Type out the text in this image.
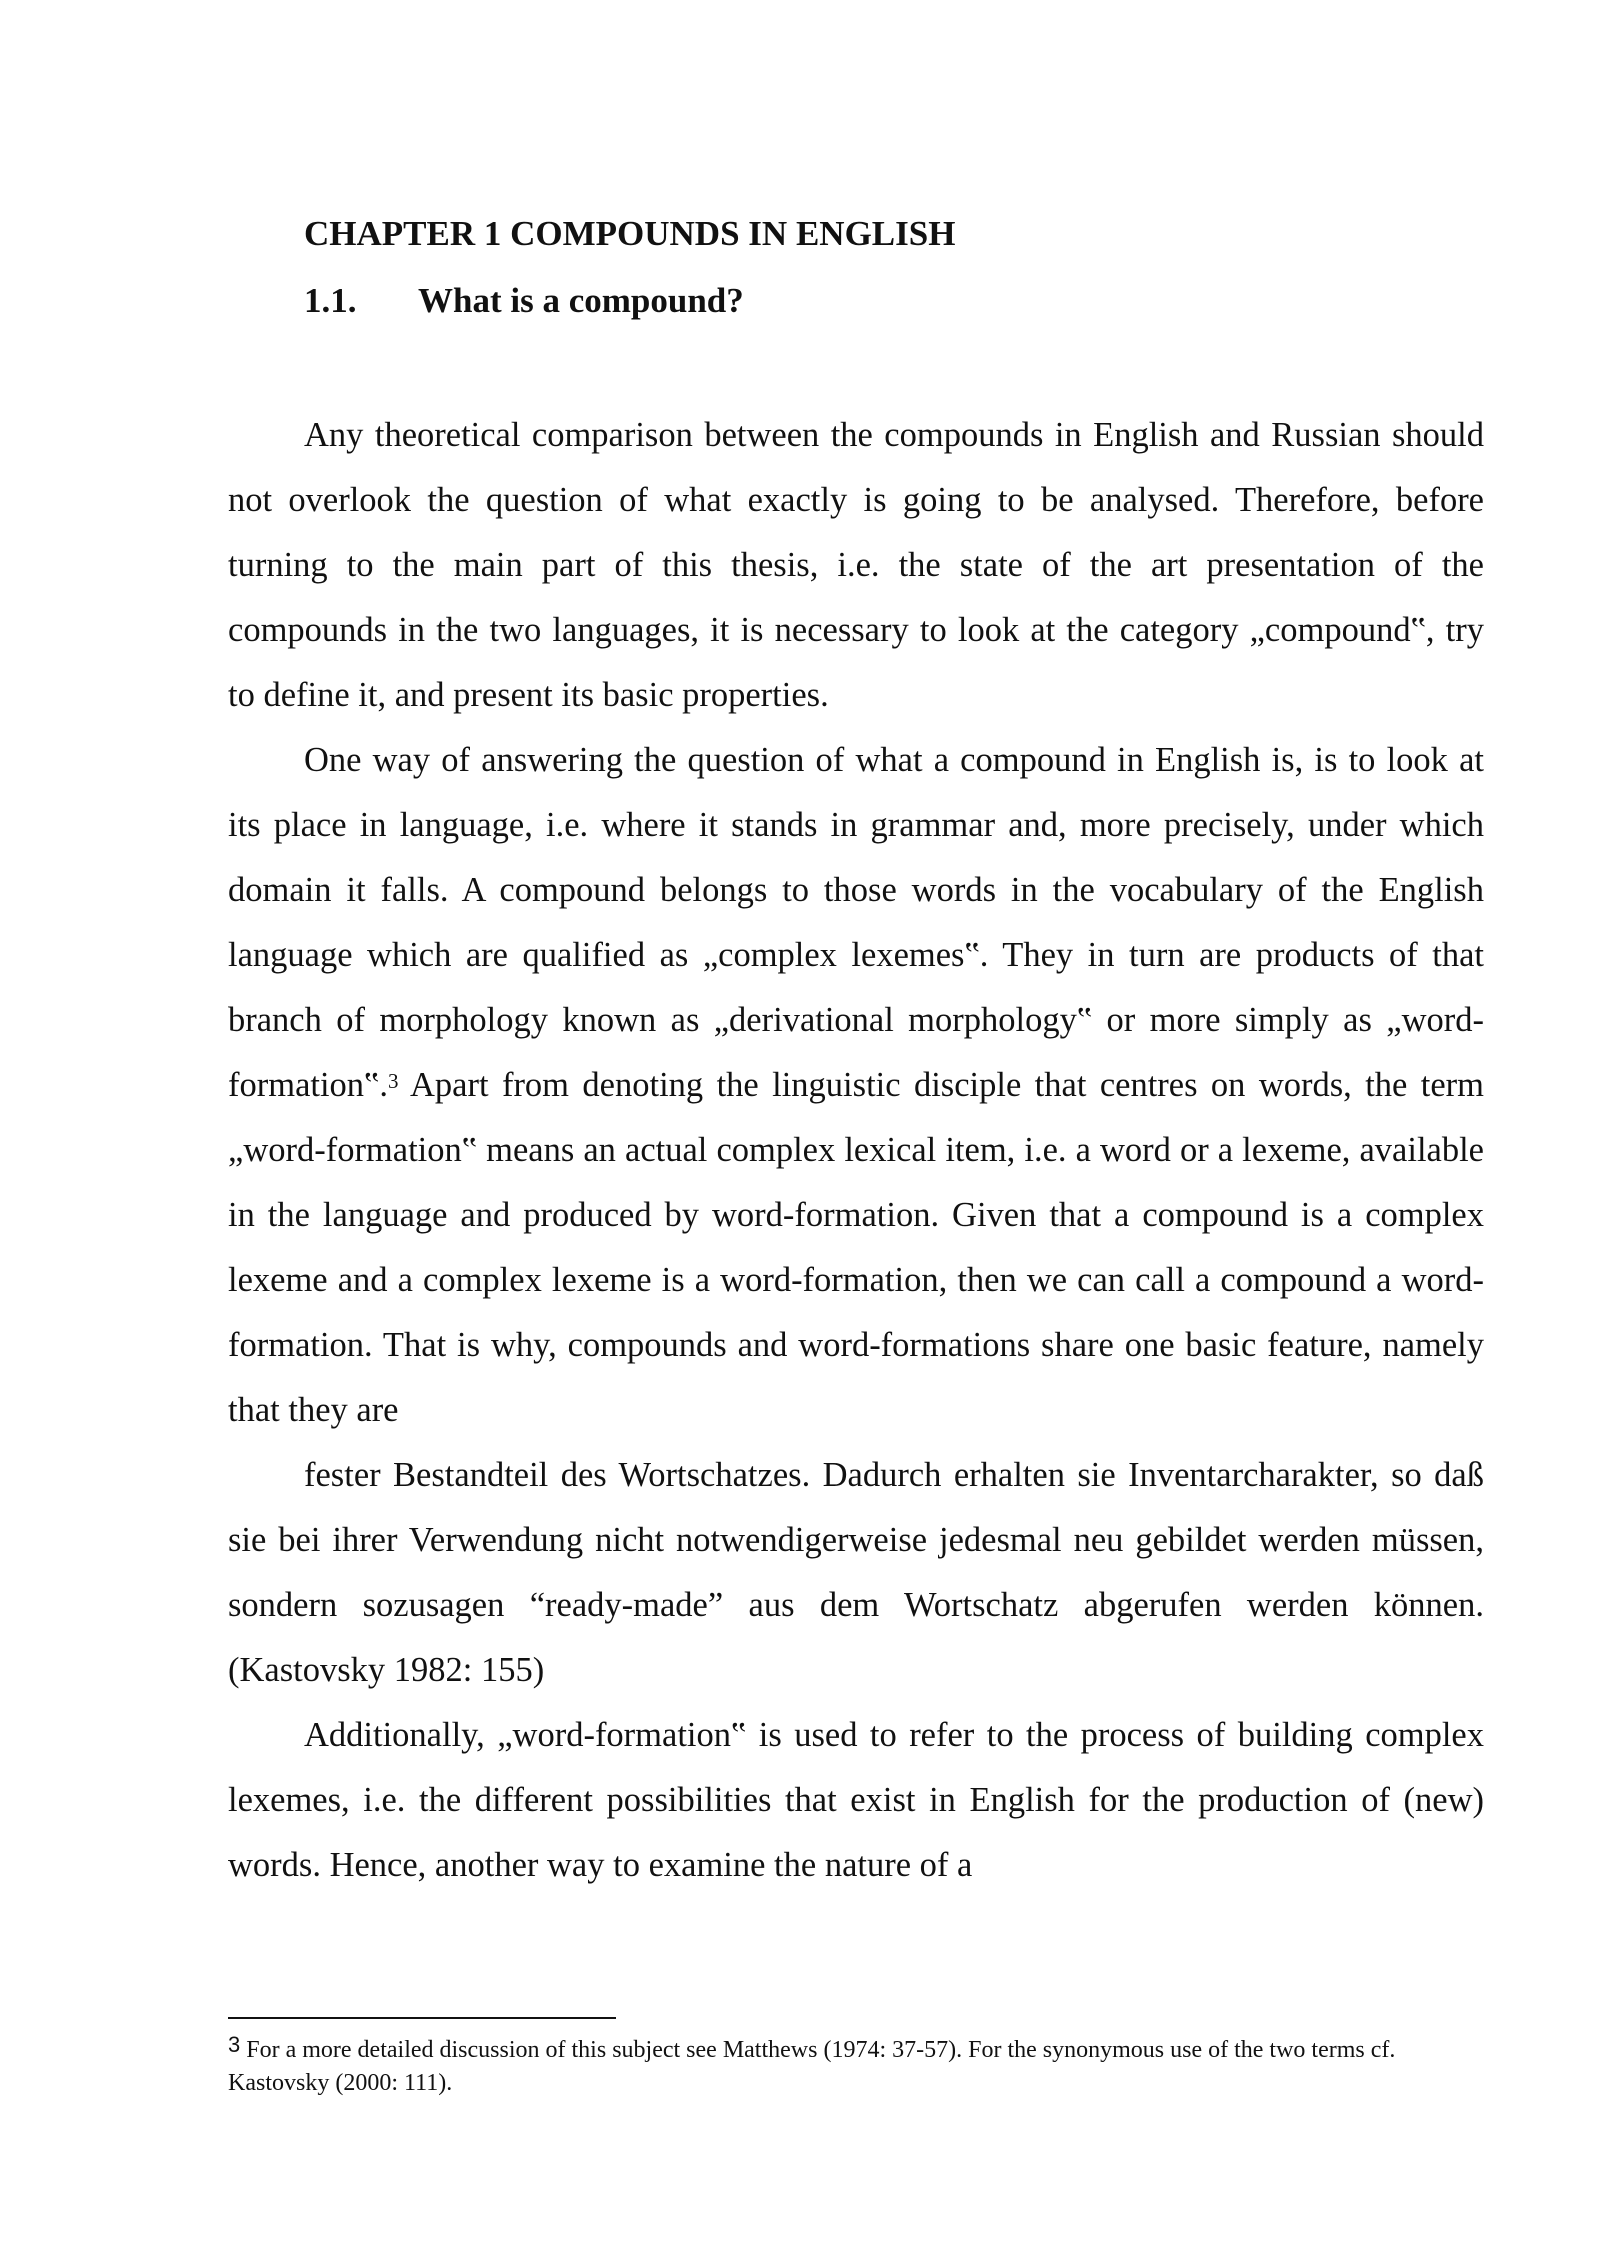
CHAPTER 1 COMPOUNDS IN ENGLISH
1.1. What is a compound?

Any theoretical comparison between the compounds in English and Russian should not overlook the question of what exactly is going to be analysed. Therefore, before turning to the main part of this thesis, i.e. the state of the art presentation of the compounds in the two languages, it is necessary to look at the category „compound‟, try to define it, and present its basic properties.

One way of answering the question of what a compound in English is, is to look at its place in language, i.e. where it stands in grammar and, more precisely, under which domain it falls. A compound belongs to those words in the vocabulary of the English language which are qualified as „complex lexemes‟. They in turn are products of that branch of morphology known as „derivational morphology‟ or more simply as „word-formation‟.$^3$ Apart from denoting the linguistic disciple that centres on words, the term „word-formation‟ means an actual complex lexical item, i.e. a word or a lexeme, available in the language and produced by word-formation. Given that a compound is a complex lexeme and a complex lexeme is a word-formation, then we can call a compound a word-formation. That is why, compounds and word-formations share one basic feature, namely that they are

fester Bestandteil des Wortschatzes. Dadurch erhalten sie Inventarcharakter, so daß sie bei ihrer Verwendung nicht notwendigerweise jedesmal neu gebildet werden müssen, sondern sozusagen “ready-made” aus dem Wortschatz abgerufen werden können. (Kastovsky 1982: 155)

Additionally, „word-formation‟ is used to refer to the process of building complex lexemes, i.e. the different possibilities that exist in English for the production of (new) words. Hence, another way to examine the nature of a

3 For a more detailed discussion of this subject see Matthews (1974: 37-57). For the synonymous use of the two terms cf. Kastovsky (2000: 111).
